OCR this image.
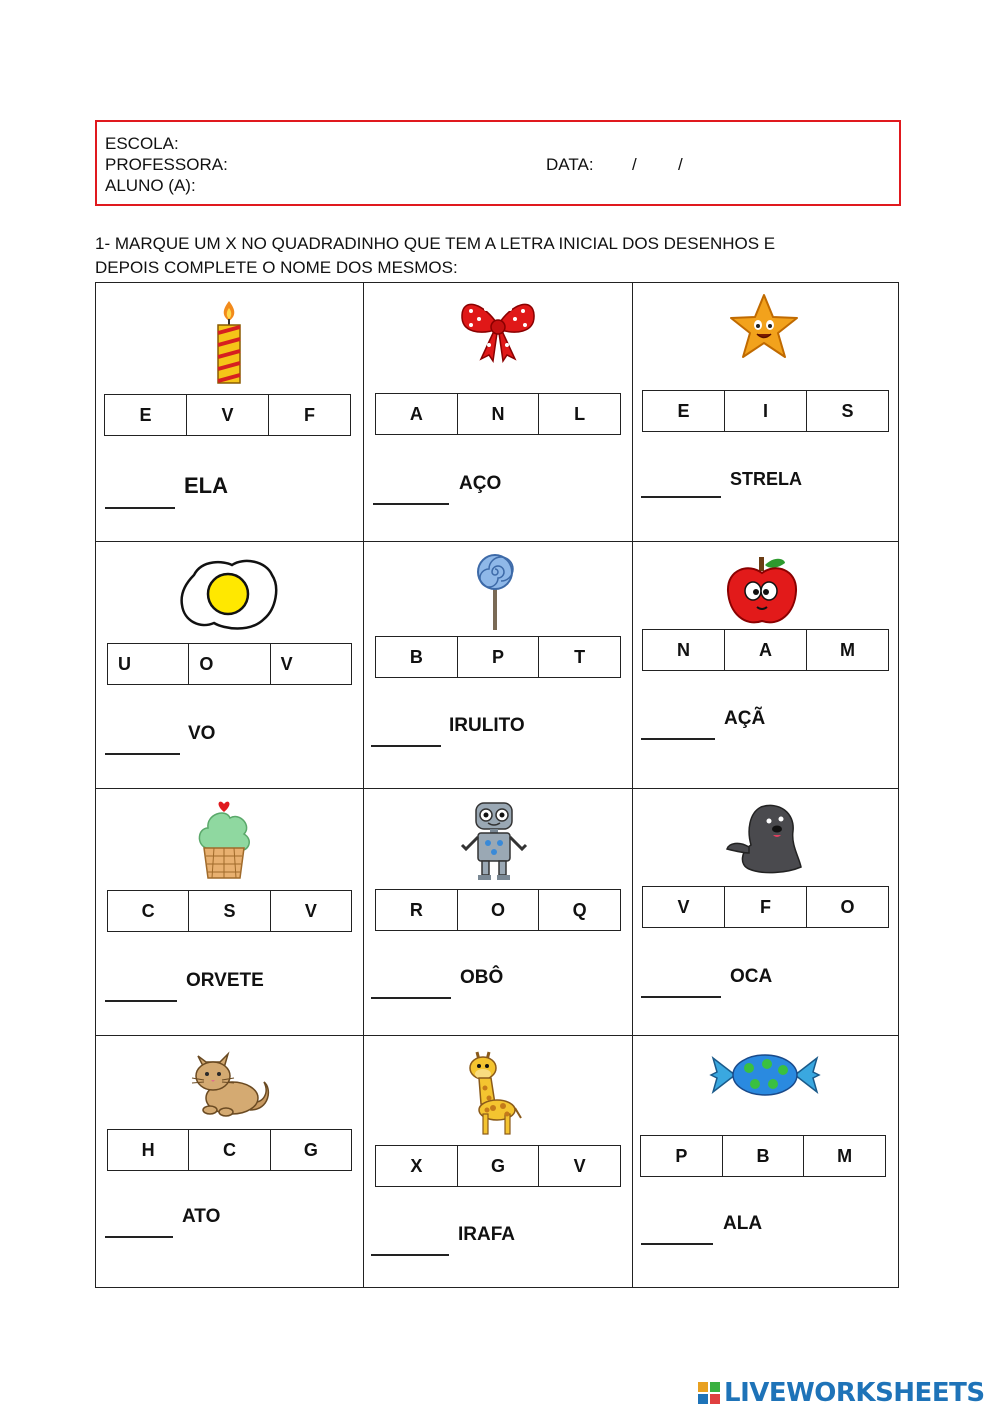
ESCOLA:
PROFESSORA:	DATA: / /
ALUNO (A):
1- MARQUE UM X NO QUADRADINHO QUE TEM A LETRA INICIAL DOS DESENHOS E
DEPOIS COMPLETE O NOME DOS MESMOS:
E	V	F
ELA
A	N	L
AÇO
E	I	S
STRELA
U	O	V
VO
B	P	T
IRULITO
N	A	M
AÇÃ
C	S	V
ORVETE
R	O	Q
OBÔ
V	F	O
OCA
H	C	G
ATO
X	G	V
IRAFA
P	B	M
ALA
LIVEWORKSHEETS
